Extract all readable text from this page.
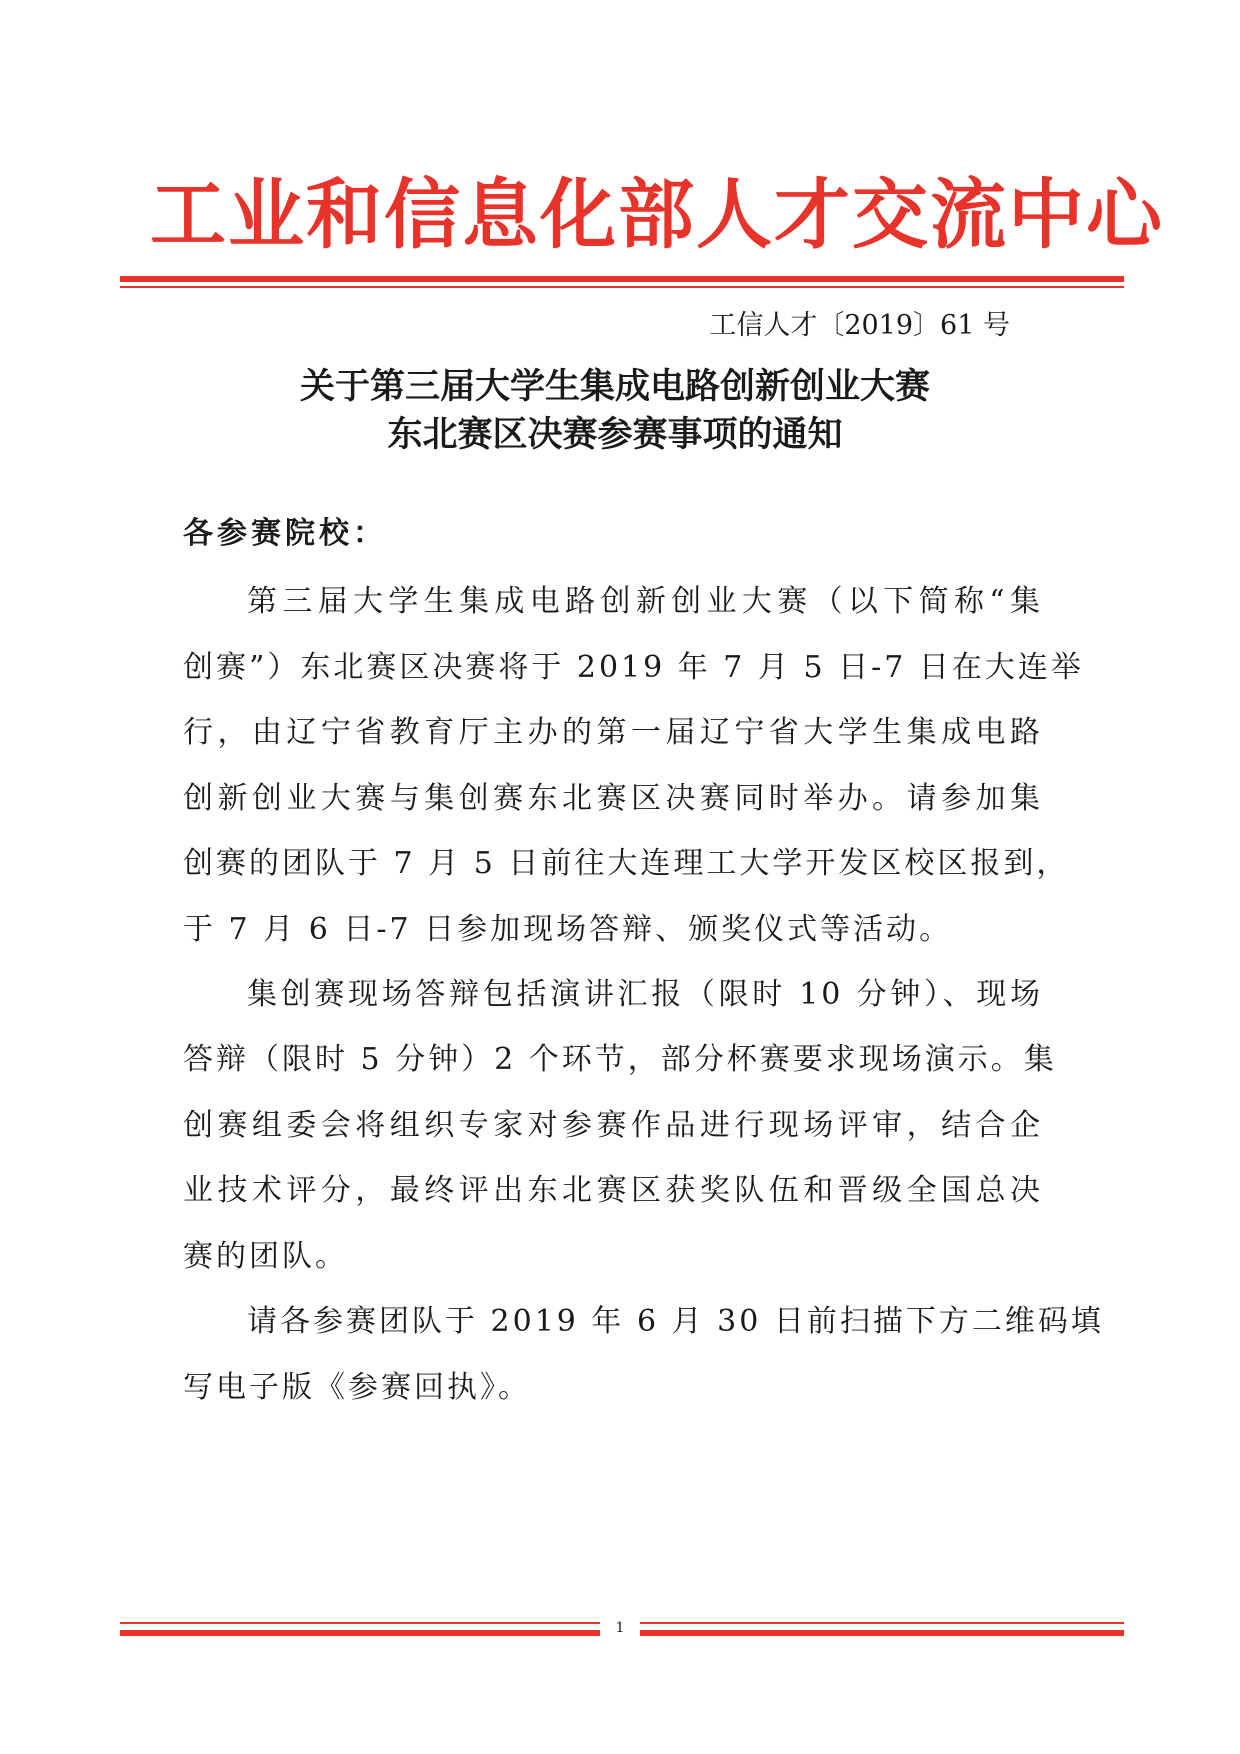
工业和信息化部人才交流中心
工信人才〔2019〕61 号
关于第三届大学生集成电路创新创业大赛
东北赛区决赛参赛事项的通知
各参赛院校：
第三届大学生集成电路创新创业大赛（以下简称“集
创赛”）东北赛区决赛将于 2019 年 7 月 5 日-7 日在大连举
行，由辽宁省教育厅主办的第一届辽宁省大学生集成电路
创新创业大赛与集创赛东北赛区决赛同时举办。请参加集
创赛的团队于 7 月 5 日前往大连理工大学开发区校区报到，
于 7 月 6 日-7 日参加现场答辩、颁奖仪式等活动。
集创赛现场答辩包括演讲汇报（限时 10 分钟）、现场
答辩（限时 5 分钟）2 个环节，部分杯赛要求现场演示。集
创赛组委会将组织专家对参赛作品进行现场评审，结合企
业技术评分，最终评出东北赛区获奖队伍和晋级全国总决
赛的团队。
请各参赛团队于 2019 年 6 月 30 日前扫描下方二维码填
写电子版《参赛回执》。
1
